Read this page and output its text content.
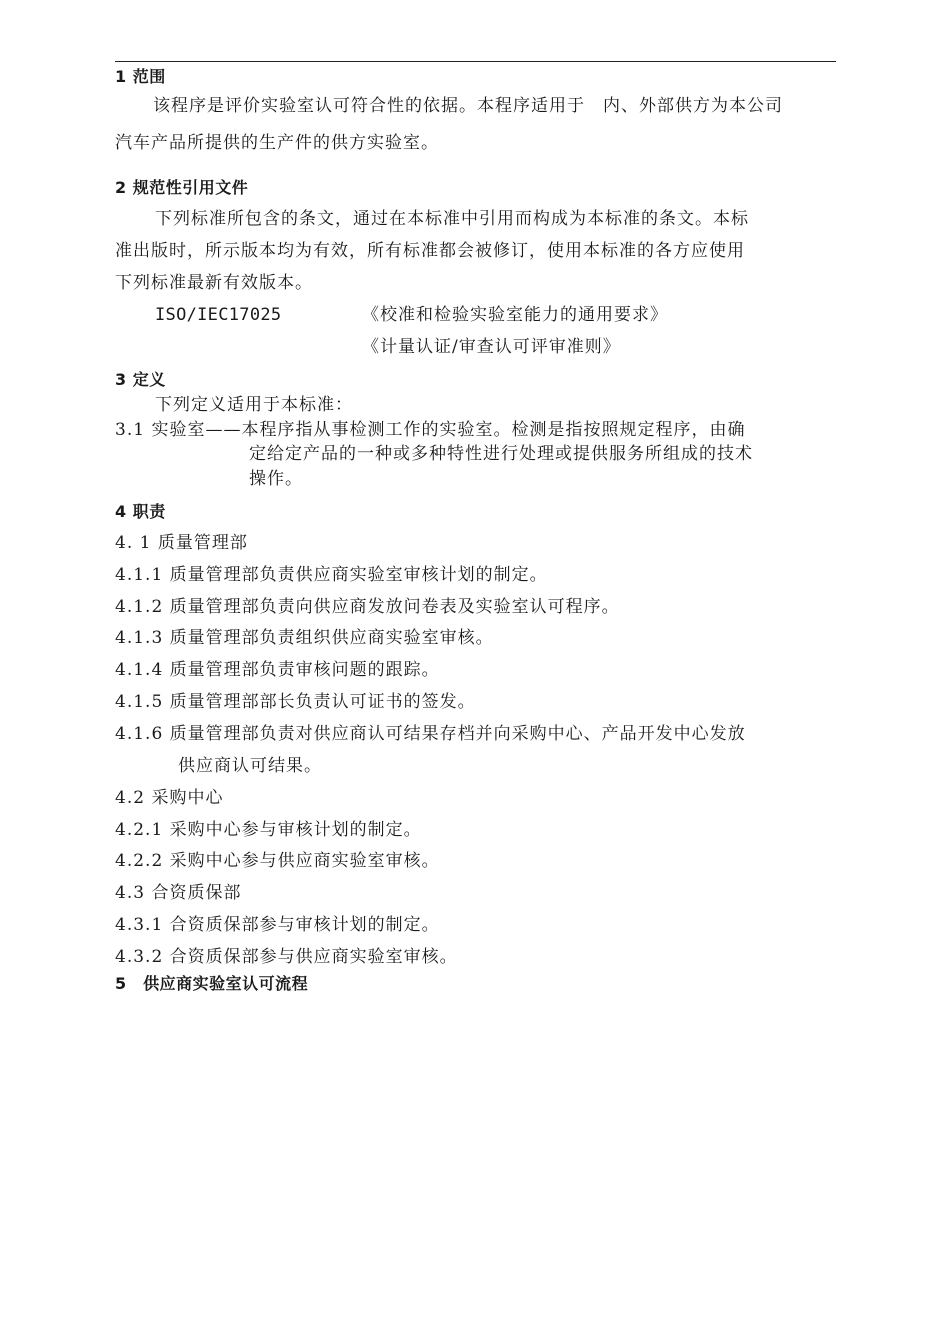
1 范围
该程序是评价实验室认可符合性的依据。本程序适用于　内、外部供方为本公司
汽车产品所提供的生产件的供方实验室。
2 规范性引用文件
下列标准所包含的条文，通过在本标准中引用而构成为本标准的条文。本标
准出版时，所示版本均为有效，所有标准都会被修订，使用本标准的各方应使用
下列标准最新有效版本。
ISO/IEC17025	《校准和检验实验室能力的通用要求》
《计量认证/审查认可评审准则》
3 定义
下列定义适用于本标准：
3.1 实验室——本程序指从事检测工作的实验室。检测是指按照规定程序，由确
定给定产品的一种或多种特性进行处理或提供服务所组成的技术
操作。
4 职责
4. 1 质量管理部
4.1.1 质量管理部负责供应商实验室审核计划的制定。
4.1.2 质量管理部负责向供应商发放问卷表及实验室认可程序。
4.1.3 质量管理部负责组织供应商实验室审核。
4.1.4 质量管理部负责审核问题的跟踪。
4.1.5 质量管理部部长负责认可证书的签发。
4.1.6 质量管理部负责对供应商认可结果存档并向采购中心、产品开发中心发放
供应商认可结果。
4.2 采购中心
4.2.1 采购中心参与审核计划的制定。
4.2.2 采购中心参与供应商实验室审核。
4.3 合资质保部
4.3.1 合资质保部参与审核计划的制定。
4.3.2 合资质保部参与供应商实验室审核。
5　供应商实验室认可流程
